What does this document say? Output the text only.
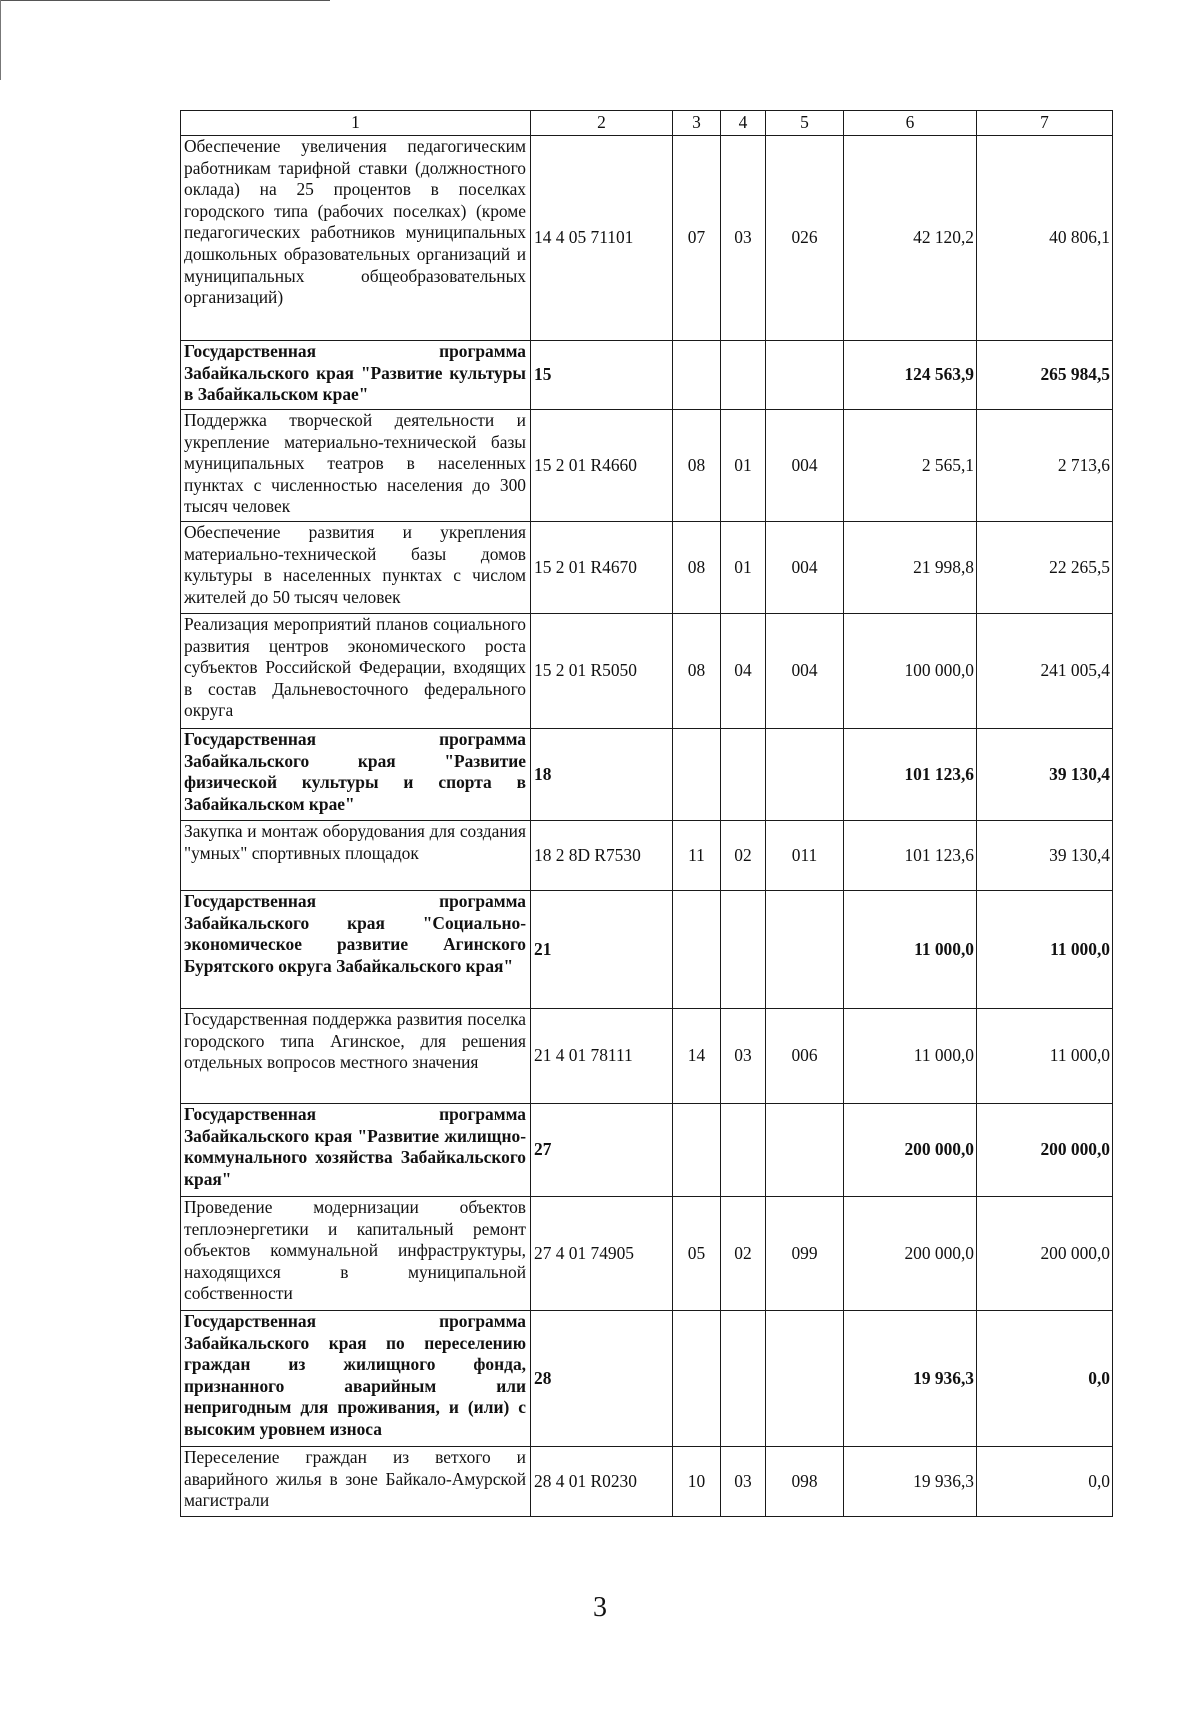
1	2	3	4	5	6	7
Обеспечение увеличения педагогическим работникам тарифной ставки (должностного оклада) на 25 процентов в поселках городского типа (рабочих поселках) (кроме педагогических работников муниципальных дошкольных образовательных организаций и муниципальных общеобразовательных организаций)	14 4 05 71101	07	03	026	42 120,2	40 806,1
Государственная программа Забайкальского края "Развитие культуры в Забайкальском крае"	15				124 563,9	265 984,5
Поддержка творческой деятельности и укрепление материально-технической базы муниципальных театров в населенных пунктах с численностью населения до 300 тысяч человек	15 2 01 R4660	08	01	004	2 565,1	2 713,6
Обеспечение развития и укрепления материально-технической базы домов культуры в населенных пунктах с числом жителей до 50 тысяч человек	15 2 01 R4670	08	01	004	21 998,8	22 265,5
Реализация мероприятий планов социального развития центров экономического роста субъектов Российской Федерации, входящих в состав Дальневосточного федерального округа	15 2 01 R5050	08	04	004	100 000,0	241 005,4
Государственная программа Забайкальского края "Развитие физической культуры и спорта в Забайкальском крае"	18				101 123,6	39 130,4
Закупка и монтаж оборудования для создания "умных" спортивных площадок	18 2 8D R7530	11	02	011	101 123,6	39 130,4
Государственная программа Забайкальского края "Социально-экономическое развитие Агинского Бурятского округа Забайкальского края"	21				11 000,0	11 000,0
Государственная поддержка развития поселка городского типа Агинское, для решения отдельных вопросов местного значения	21 4 01 78111	14	03	006	11 000,0	11 000,0
Государственная программа Забайкальского края "Развитие жилищно-коммунального хозяйства Забайкальского края"	27				200 000,0	200 000,0
Проведение модернизации объектов теплоэнергетики и капитальный ремонт объектов коммунальной инфраструктуры, находящихся в муниципальной собственности	27 4 01 74905	05	02	099	200 000,0	200 000,0
Государственная программа Забайкальского края по переселению граждан из жилищного фонда, признанного аварийным или непригодным для проживания, и (или) с высоким уровнем износа	28				19 936,3	0,0
Переселение граждан из ветхого и аварийного жилья в зоне Байкало-Амурской магистрали	28 4 01 R0230	10	03	098	19 936,3	0,0
3
